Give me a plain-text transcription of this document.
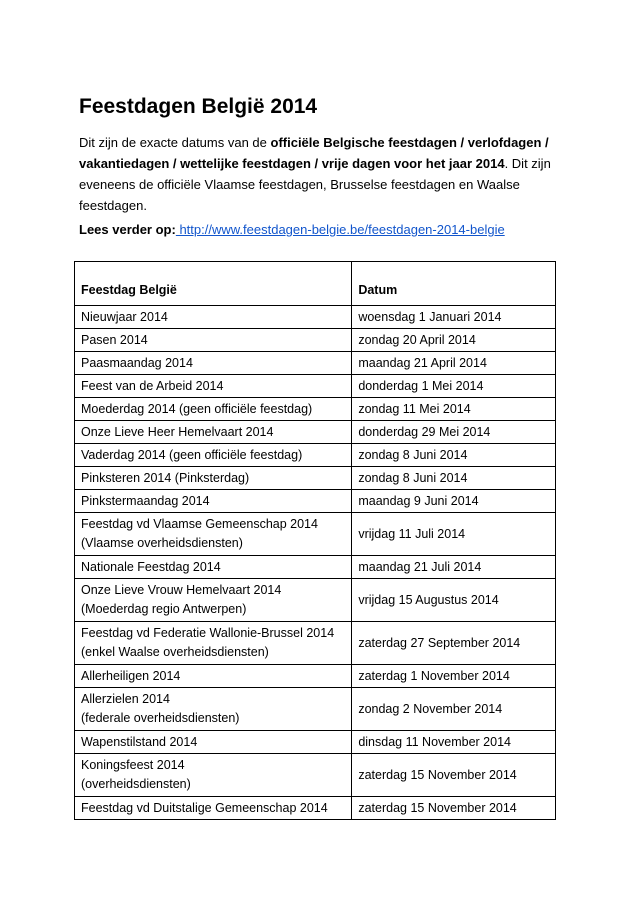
Feestdagen België 2014

Dit zijn de exacte datums van de officiële Belgische feestdagen / verlofdagen / vakantiedagen / wettelijke feestdagen / vrije dagen voor het jaar 2014. Dit zijn eveneens de officiële Vlaamse feestdagen, Brusselse feestdagen en Waalse feestdagen.

Lees verder op: http://www.feestdagen-belgie.be/feestdagen-2014-belgie
Feestdag België	Datum

Nieuwjaar 2014	woensdag 1 Januari 2014

Pasen 2014	zondag 20 April 2014

Paasmaandag 2014	maandag 21 April 2014

Feest van de Arbeid 2014	donderdag 1 Mei 2014

Moederdag 2014 (geen officiële feestdag)	zondag 11 Mei 2014

Onze Lieve Heer Hemelvaart 2014	donderdag 29 Mei 2014

Vaderdag 2014 (geen officiële feestdag)	zondag 8 Juni 2014

Pinksteren 2014 (Pinksterdag)	zondag 8 Juni 2014

Pinkstermaandag 2014	maandag 9 Juni 2014

Feestdag vd Vlaamse Gemeenschap 2014
(Vlaamse overheidsdiensten)	vrijdag 11 Juli 2014

Nationale Feestdag 2014	maandag 21 Juli 2014

Onze Lieve Vrouw Hemelvaart 2014
(Moederdag regio Antwerpen)	vrijdag 15 Augustus 2014

Feestdag vd Federatie Wallonie-Brussel 2014
(enkel Waalse overheidsdiensten)	zaterdag 27 September 2014

Allerheiligen 2014	zaterdag 1 November 2014

Allerzielen 2014
(federale overheidsdiensten)	zondag 2 November 2014

Wapenstilstand 2014	dinsdag 11 November 2014

Koningsfeest 2014
(overheidsdiensten)	zaterdag 15 November 2014

Feestdag vd Duitstalige Gemeenschap 2014	zaterdag 15 November 2014
